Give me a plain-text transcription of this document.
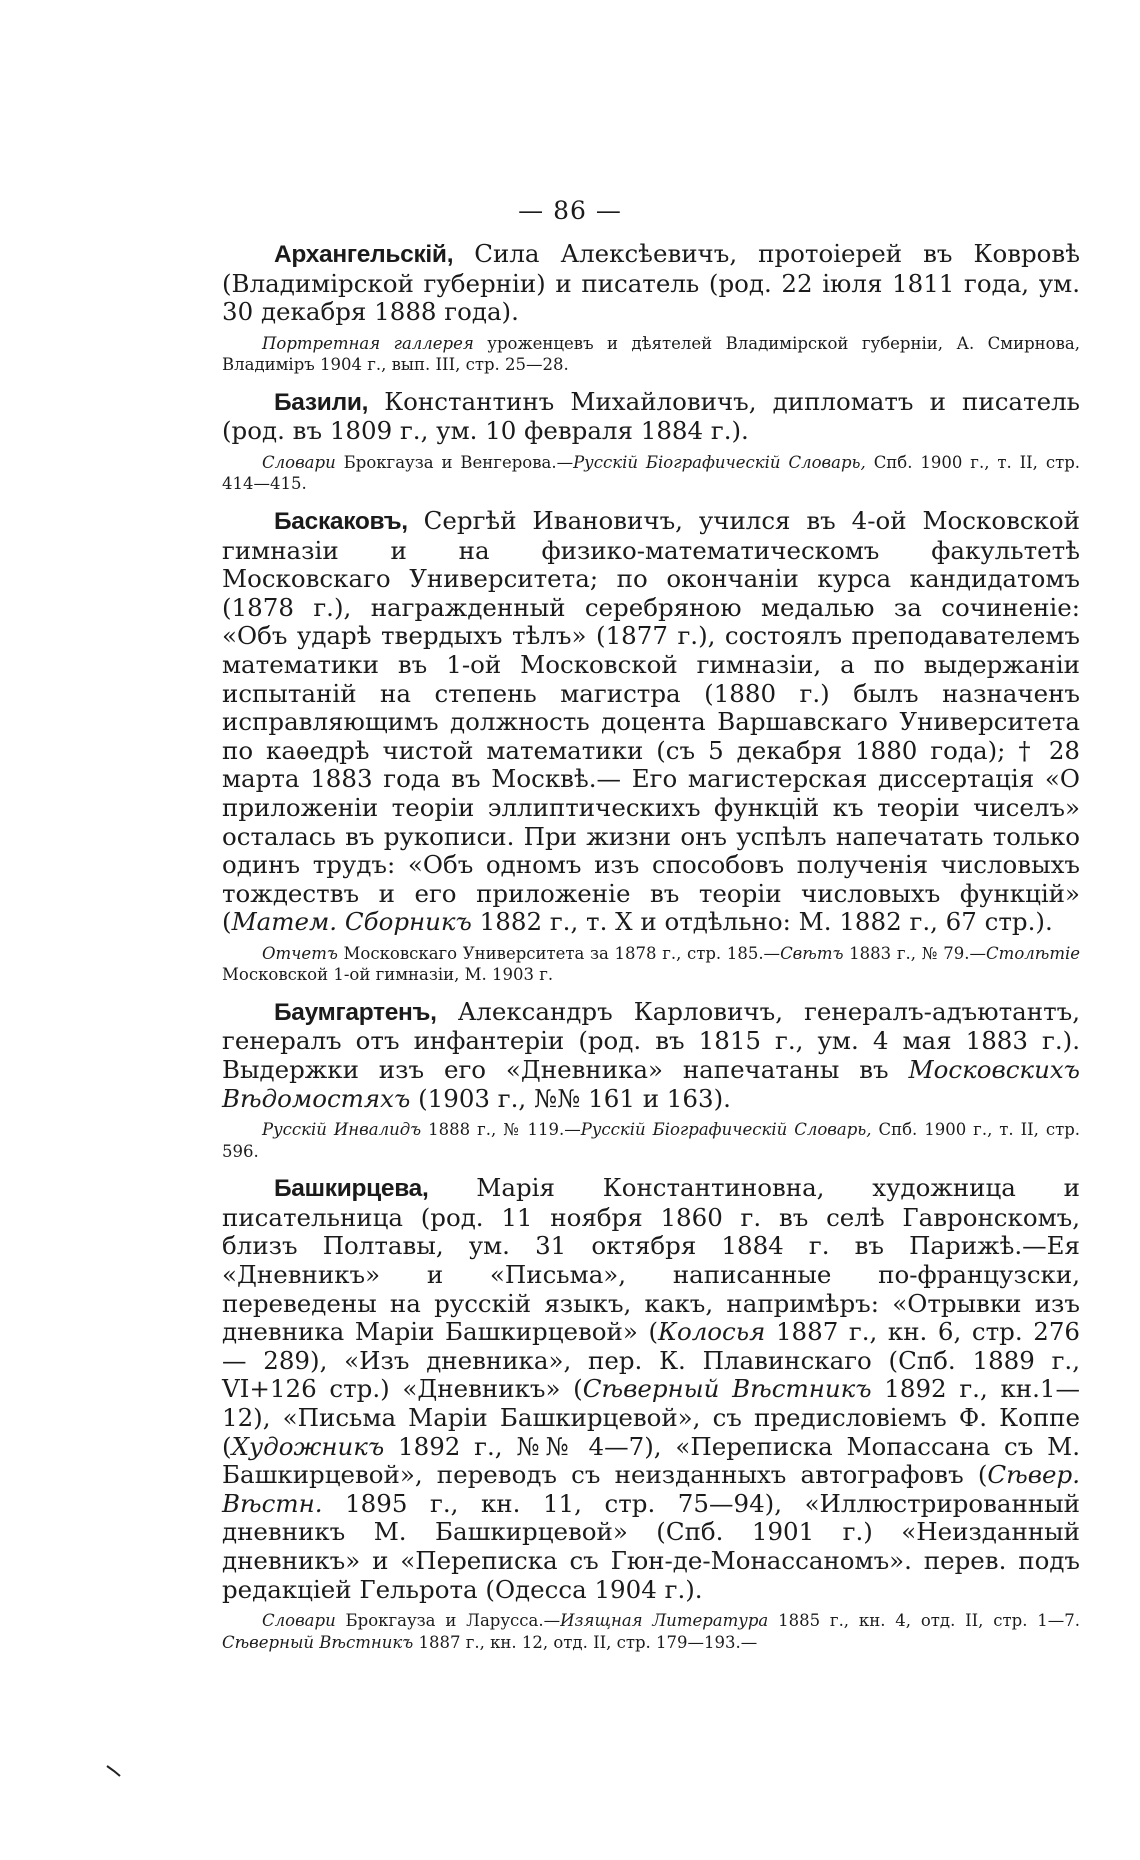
— 86 —

Архангельскій, Сила Алексѣевичъ, протоіерей въ Ковровѣ (Владимірской губерніи) и писатель (род. 22 іюля 1811 года, ум. 30 декабря 1888 года).

Портретная галлерея уроженцевъ и дѣятелей Владимірской губерніи, А. Смирнова, Владиміръ 1904 г., вып. III, стр. 25—28.

Базили, Константинъ Михайловичъ, дипломатъ и писатель (род. въ 1809 г., ум. 10 февраля 1884 г.).

Словари Брокгауза и Венгерова.—Русскій Біографическій Словарь, Спб. 1900 г., т. II, стр. 414—415.

Баскаковъ, Сергѣй Ивановичъ, учился въ 4-ой Московской гимназіи и на физико-математическомъ факультетѣ Московскаго Университета; по окончаніи курса кандидатомъ (1878 г.), награжденный серебряною медалью за сочиненіе: «Объ ударѣ твердыхъ тѣлъ» (1877 г.), состоялъ преподавателемъ математики въ 1-ой Московской гимназіи, а по выдержаніи испытаній на степень магистра (1880 г.) былъ назначенъ исправляющимъ должность доцента Варшавскаго Университета по каѳедрѣ чистой математики (съ 5 декабря 1880 года); † 28 марта 1883 года въ Москвѣ.— Его магистерская диссертація «О приложеніи теоріи эллиптическихъ функцій къ теоріи чиселъ» осталась въ рукописи. При жизни онъ успѣлъ напечатать только одинъ трудъ: «Объ одномъ изъ способовъ полученія числовыхъ тождествъ и его приложеніе въ теоріи числовыхъ функцій» (Матем. Сборникъ 1882 г., т. X и отдѣльно: М. 1882 г., 67 стр.).

Отчетъ Московскаго Университета за 1878 г., стр. 185.—Свѣтъ 1883 г., № 79.—Столѣтіе Московской 1-ой гимназіи, М. 1903 г.

Баумгартенъ, Александръ Карловичъ, генералъ-адъютантъ, генералъ отъ инфантеріи (род. въ 1815 г., ум. 4 мая 1883 г.). Выдержки изъ его «Дневника» напечатаны въ Московскихъ Вѣдомостяхъ (1903 г., №№ 161 и 163).

Русскій Инвалидъ 1888 г., № 119.—Русскій Біографическій Словарь, Спб. 1900 г., т. II, стр. 596.

Башкирцева, Марія Константиновна, художница и писательница (род. 11 ноября 1860 г. въ селѣ Гавронскомъ, близъ Полтавы, ум. 31 октября 1884 г. въ Парижѣ.—Ея «Дневникъ» и «Письма», написанные по-французски, переведены на русскій языкъ, какъ, напримѣръ: «Отрывки изъ дневника Маріи Башкирцевой» (Колосья 1887 г., кн. 6, стр. 276 — 289), «Изъ дневника», пер. К. Плавинскаго (Спб. 1889 г., VI+126 стр.) «Дневникъ» (Сѣверный Вѣстникъ 1892 г., кн.1—12), «Письма Маріи Башкирцевой», съ предисловіемъ Ф. Коппе (Художникъ 1892 г., №№ 4—7), «Переписка Мопассана съ М. Башкирцевой», переводъ съ неизданныхъ автографовъ (Сѣвер. Вѣстн. 1895 г., кн. 11, стр. 75—94), «Иллюстрированный дневникъ М. Башкирцевой» (Спб. 1901 г.) «Неизданный дневникъ» и «Переписка съ Гюн-де-Монассаномъ». перев. подъ редакціей Гельрота (Одесса 1904 г.).

Словари Брокгауза и Ларусса.—Изящная Литература 1885 г., кн. 4, отд. II, стр. 1—7. Сѣверный Вѣстникъ 1887 г., кн. 12, отд. II, стр. 179—193.—
